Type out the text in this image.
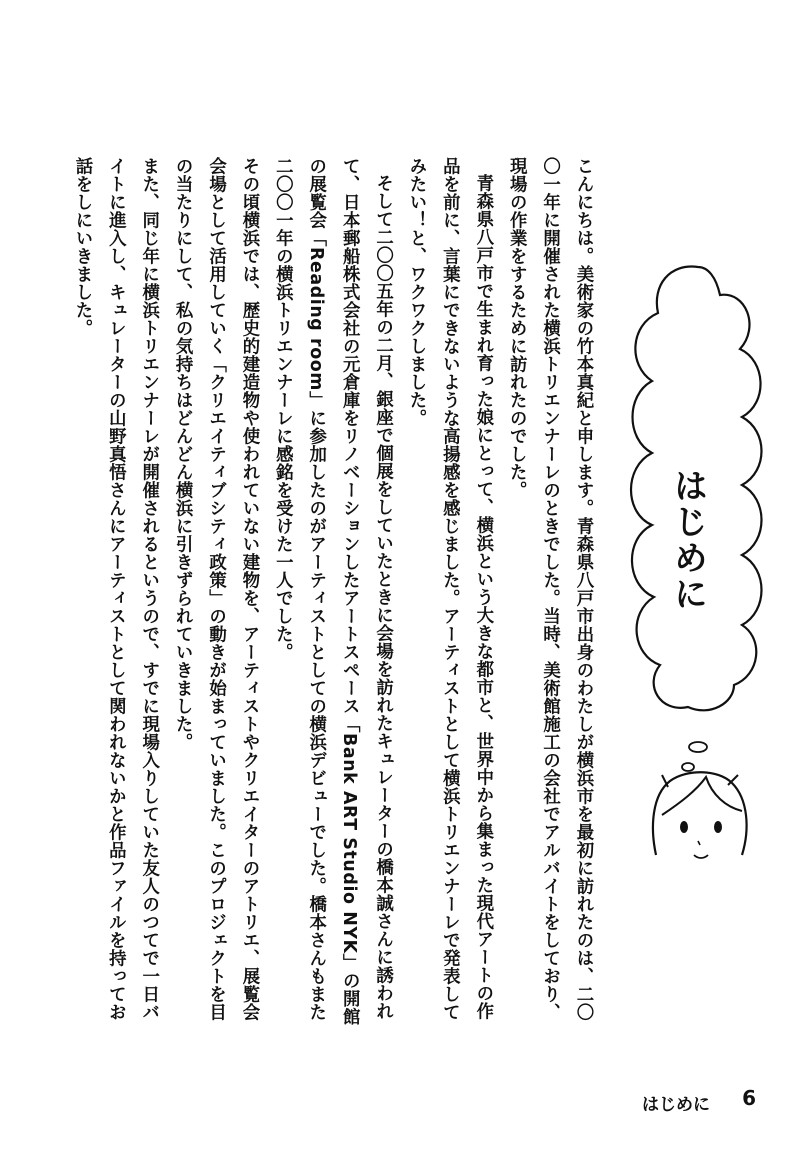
こんにちは。美術家の竹本真紀と申します。青森県八戸市出身のわたしが横浜市を最初に訪れたのは、二〇〇一年に開催された横浜トリエンナーレのときでした。当時、美術館施工の会社でアルバイトをしており、現場の作業をするために訪れたのでした。

青森県八戸市で生まれ育った娘にとって、横浜という大きな都市と、世界中から集まった現代アートの作品を前に、言葉にできないような高揚感を感じました。アーティストとして横浜トリエンナーレで発表してみたい！と、ワクワクしました。

そして二〇〇五年の二月、銀座で個展をしていたときに会場を訪れたキュレーターの橋本誠さんに誘われて、日本郵船株式会社の元倉庫をリノベーションしたアートスペース「Bank ART Studio NYK」の開館の展覧会「Reading room」に参加したのがアーティストとしての横浜デビューでした。橋本さんもまた二〇〇一年の横浜トリエンナーレに感銘を受けた一人でした。

その頃横浜では、歴史的建造物や使われていない建物を、アーティストやクリエイターのアトリエ、展覧会会場として活用していく「クリエイティブシティ政策」の動きが始まっていました。このプロジェクトを目の当たりにして、私の気持ちはどんどん横浜に引きずられていきました。

また、同じ年に横浜トリエンナーレが開催されるというので、すでに現場入りしていた友人のつてで一日バイトに進入し、キュレーターの山野真悟さんにアーティストとして関われないかと作品ファイルを持ってお話をしにいきました。

はじめに
はじめに 6
